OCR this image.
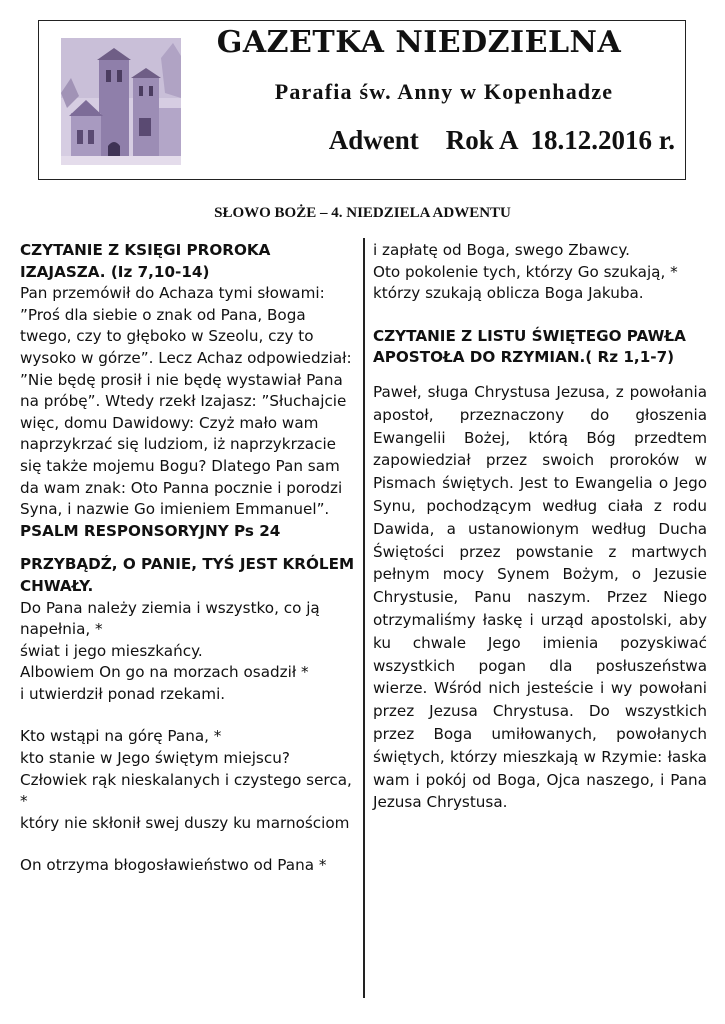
GAZETKA NIEDZIELNA
Parafia św. Anny w Kopenhadze
Adwent    Rok A  18.12.2016 r.
SŁOWO BOŻE – 4. NIEDZIELA ADWENTU

CZYTANIE Z KSIĘGI PROROKA IZAJASZA. (Iz 7,10-14)

Pan przemówił do Achaza tymi słowami: ”Proś dla siebie o znak od Pana, Boga twego, czy to głęboko w Szeolu, czy to wysoko w górze”. Lecz Achaz odpowiedział: ”Nie będę prosił i nie będę wystawiał Pana na próbę”. Wtedy rzekł Izajasz: ”Słuchajcie więc, domu Dawidowy: Czyż mało wam naprzykrzać się ludziom, iż naprzykrzacie się także mojemu Bogu? Dlatego Pan sam da wam znak: Oto Panna pocznie i porodzi Syna, i nazwie Go imieniem Emmanuel”.

PSALM RESPONSORYJNY Ps 24

PRZYBĄDŹ, O PANIE, TYŚ JEST KRÓLEM CHWAŁY.

Do Pana należy ziemia i wszystko, co ją napełnia, *

świat i jego mieszkańcy.

Albowiem On go na morzach osadził *

i utwierdził ponad rzekami.

Kto wstąpi na górę Pana, *

kto stanie w Jego świętym miejscu?

Człowiek rąk nieskalanych i czystego serca, *

który nie skłonił swej duszy ku marnościom

On otrzyma błogosławieństwo od Pana *

i zapłatę od Boga, swego Zbawcy.

Oto pokolenie tych, którzy Go szukają, *

którzy szukają oblicza Boga Jakuba.

CZYTANIE Z LISTU ŚWIĘTEGO PAWŁA APOSTOŁA DO RZYMIAN.( Rz 1,1-7)

Paweł, sługa Chrystusa Jezusa, z powołania apostoł, przeznaczony do głoszenia Ewangelii Bożej, którą Bóg przedtem zapowiedział przez swoich proroków w Pismach świętych. Jest to Ewangelia o Jego Synu, pochodzącym według ciała z rodu Dawida, a ustanowionym według Ducha Świętości przez powstanie z martwych pełnym mocy Synem Bożym, o Jezusie Chrystusie, Panu naszym. Przez Niego otrzymaliśmy łaskę i urząd apostolski, aby ku chwale Jego imienia pozyskiwać wszystkich pogan dla posłuszeństwa wierze. Wśród nich jesteście i wy powołani przez Jezusa Chrystusa. Do wszystkich przez Boga umiłowanych, powołanych świętych, którzy mieszkają w Rzymie: łaska wam i pokój od Boga, Ojca naszego, i Pana Jezusa Chrystusa.
